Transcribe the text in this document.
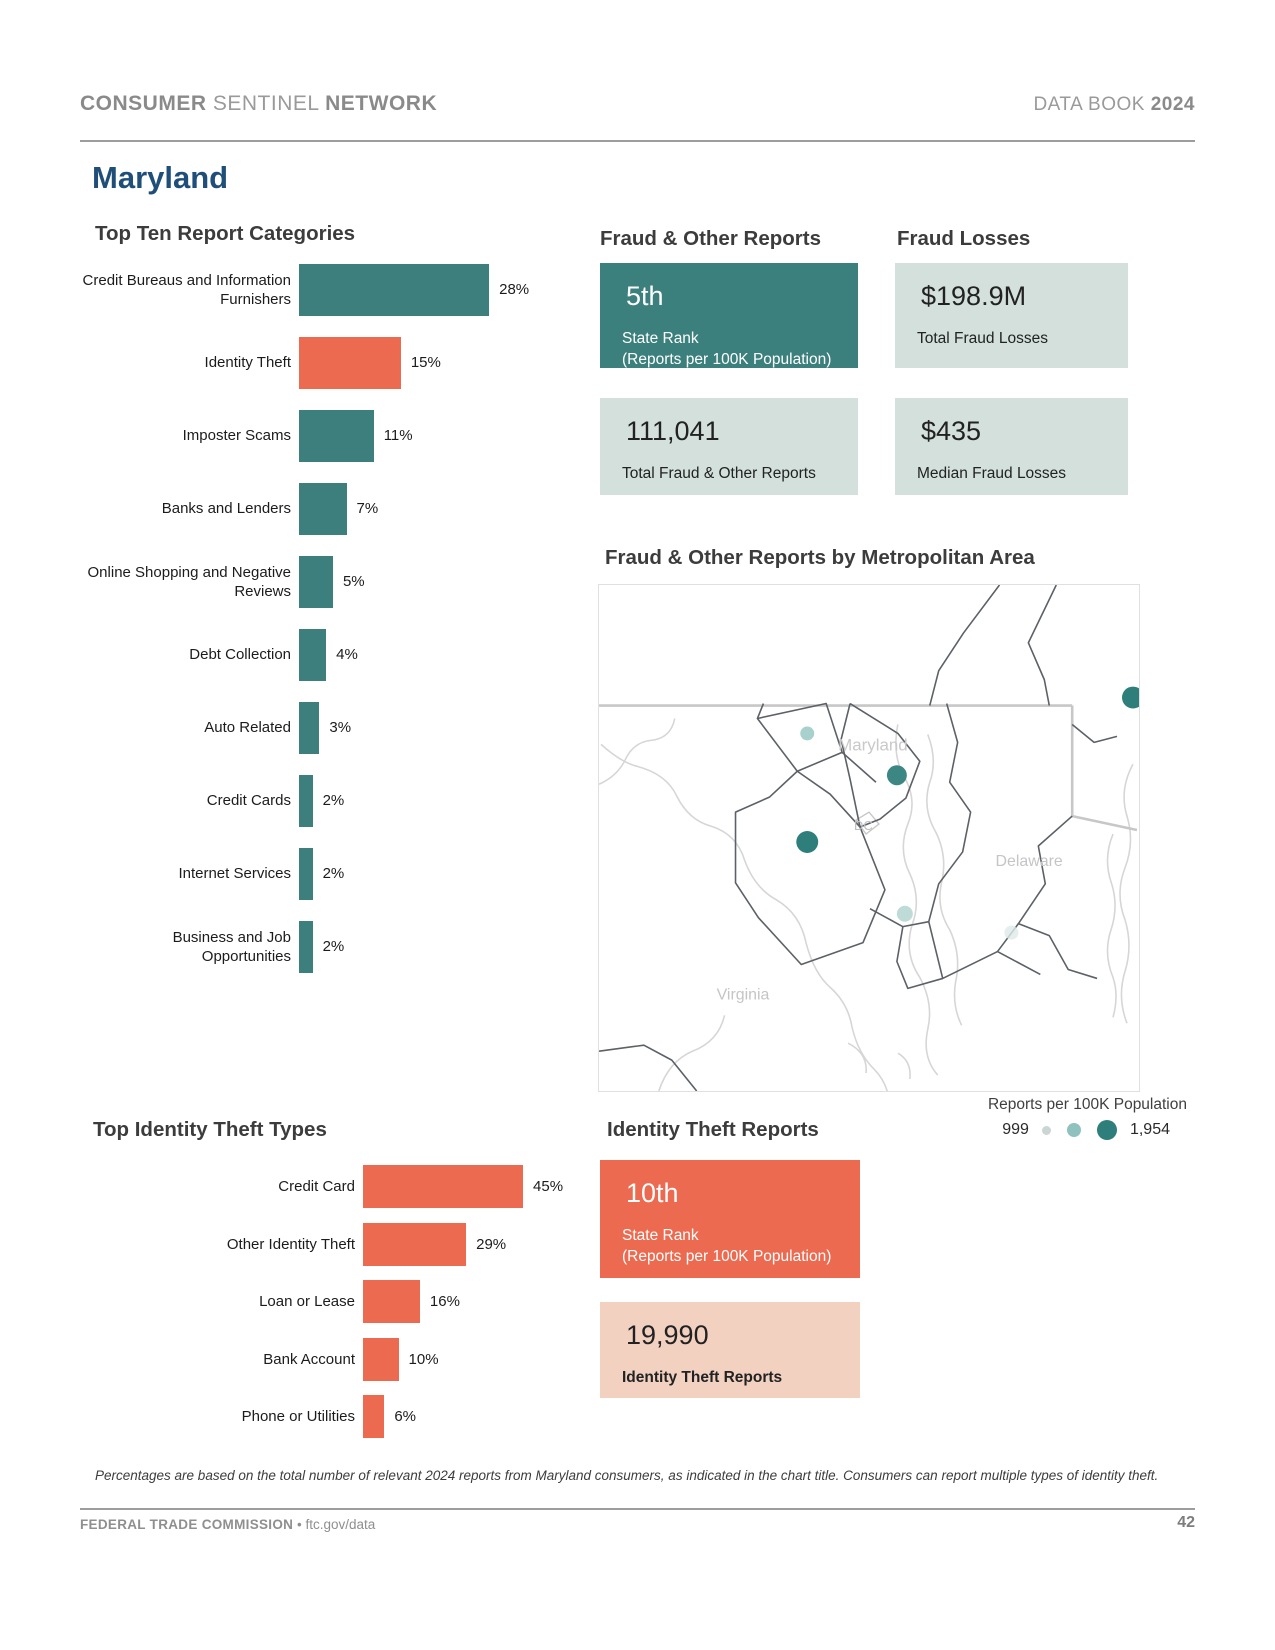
CONSUMER SENTINEL NETWORK	DATA BOOK 2024
Maryland
Top Ten Report Categories	Fraud & Other Reports	Fraud Losses
Fraud & Other Reports by Metropolitan Area
Top Identity Theft Types	Identity Theft Reports
Credit Bureaus and Information Furnishers
28%
Identity Theft	15%
Imposter Scams	11%
Banks and Lenders	7%
Online Shopping and Negative Reviews
5%
Debt Collection	4%
Auto Related	3%
Credit Cards 2%
Internet Services 2%
Business and Job Opportunities
2%
Credit Card	45%
Other Identity Theft	29%
Loan or Lease	16%
Bank Account	10%
Phone or Utilities	6%
5th
State Rank
(Reports per 100K Population)
111,041
Total Fraud & Other Reports
$198.9M
Total Fraud Losses
$435
Median Fraud Losses
Maryland
DC
Delaware
Virginia
Reports per 100K Population
999	1,954
10th
State Rank
(Reports per 100K Population)
19,990
Identity Theft Reports
Percentages are based on the total number of relevant 2024 reports from Maryland consumers, as indicated in the chart title. Consumers can report multiple types of identity theft.
FEDERAL TRADE COMMISSION • ftc.gov/data	42
